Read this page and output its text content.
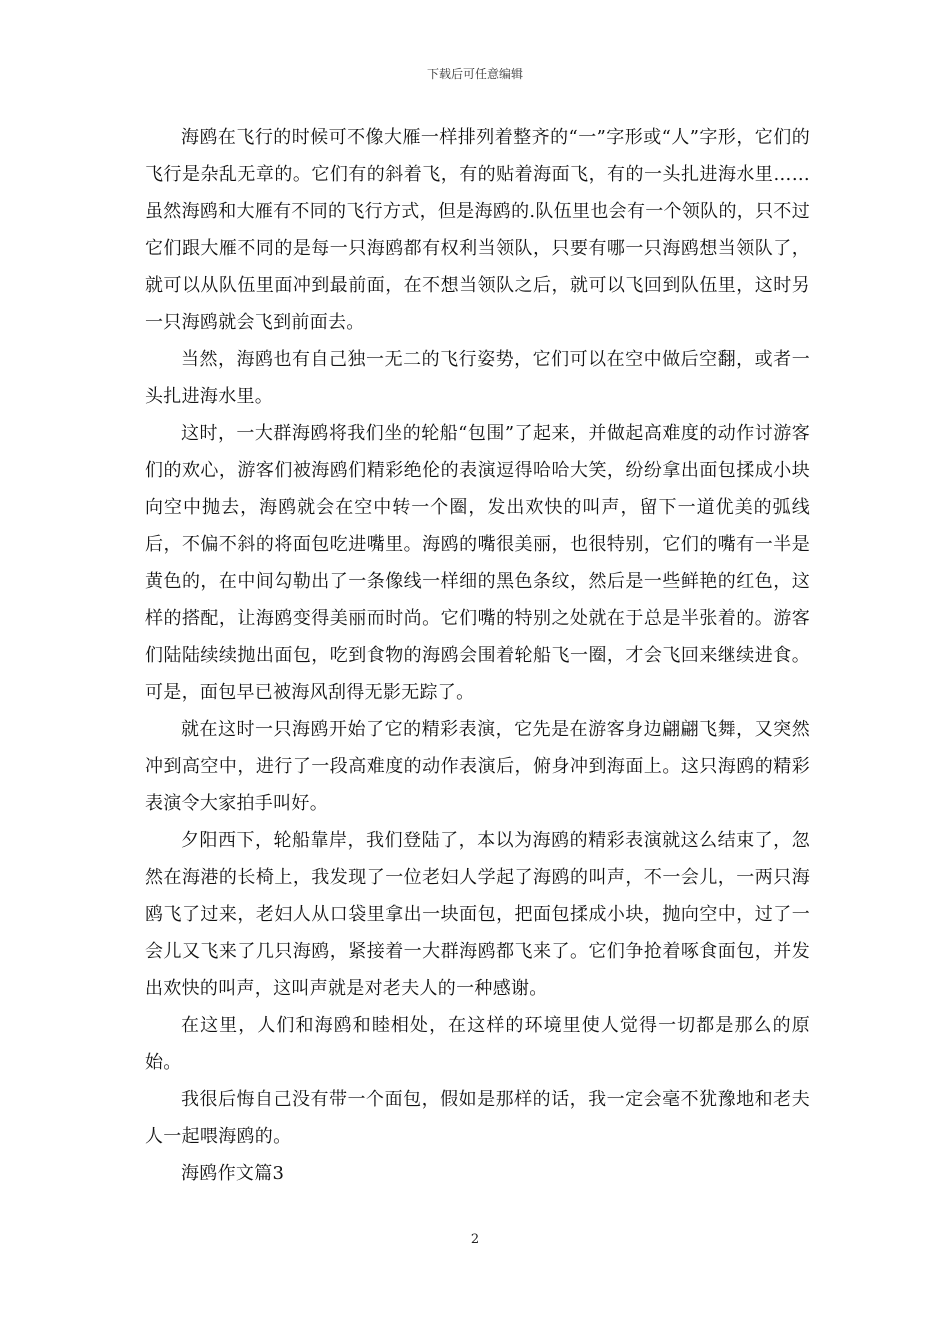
下载后可任意编辑

海鸥在飞行的时候可不像大雁一样排列着整齐的“一”字形或“人”字形，它们的飞行是杂乱无章的。它们有的斜着飞，有的贴着海面飞，有的一头扎进海水里……虽然海鸥和大雁有不同的飞行方式，但是海鸥的.队伍里也会有一个领队的，只不过它们跟大雁不同的是每一只海鸥都有权利当领队，只要有哪一只海鸥想当领队了，就可以从队伍里面冲到最前面，在不想当领队之后，就可以飞回到队伍里，这时另一只海鸥就会飞到前面去。

当然，海鸥也有自己独一无二的飞行姿势，它们可以在空中做后空翻，或者一头扎进海水里。

这时，一大群海鸥将我们坐的轮船“包围”了起来，并做起高难度的动作讨游客们的欢心，游客们被海鸥们精彩绝伦的表演逗得哈哈大笑，纷纷拿出面包揉成小块向空中抛去，海鸥就会在空中转一个圈，发出欢快的叫声，留下一道优美的弧线后，不偏不斜的将面包吃进嘴里。海鸥的嘴很美丽，也很特别，它们的嘴有一半是黄色的，在中间勾勒出了一条像线一样细的黑色条纹，然后是一些鲜艳的红色，这样的搭配，让海鸥变得美丽而时尚。它们嘴的特别之处就在于总是半张着的。游客们陆陆续续抛出面包，吃到食物的海鸥会围着轮船飞一圈，才会飞回来继续进食。可是，面包早已被海风刮得无影无踪了。

就在这时一只海鸥开始了它的精彩表演，它先是在游客身边翩翩飞舞，又突然冲到高空中，进行了一段高难度的动作表演后，俯身冲到海面上。这只海鸥的精彩表演令大家拍手叫好。

夕阳西下，轮船靠岸，我们登陆了，本以为海鸥的精彩表演就这么结束了，忽然在海港的长椅上，我发现了一位老妇人学起了海鸥的叫声，不一会儿，一两只海鸥飞了过来，老妇人从口袋里拿出一块面包，把面包揉成小块，抛向空中，过了一会儿又飞来了几只海鸥，紧接着一大群海鸥都飞来了。它们争抢着啄食面包，并发出欢快的叫声，这叫声就是对老夫人的一种感谢。

在这里，人们和海鸥和睦相处，在这样的环境里使人觉得一切都是那么的原始。

我很后悔自己没有带一个面包，假如是那样的话，我一定会毫不犹豫地和老夫人一起喂海鸥的。

海鸥作文篇3

2
